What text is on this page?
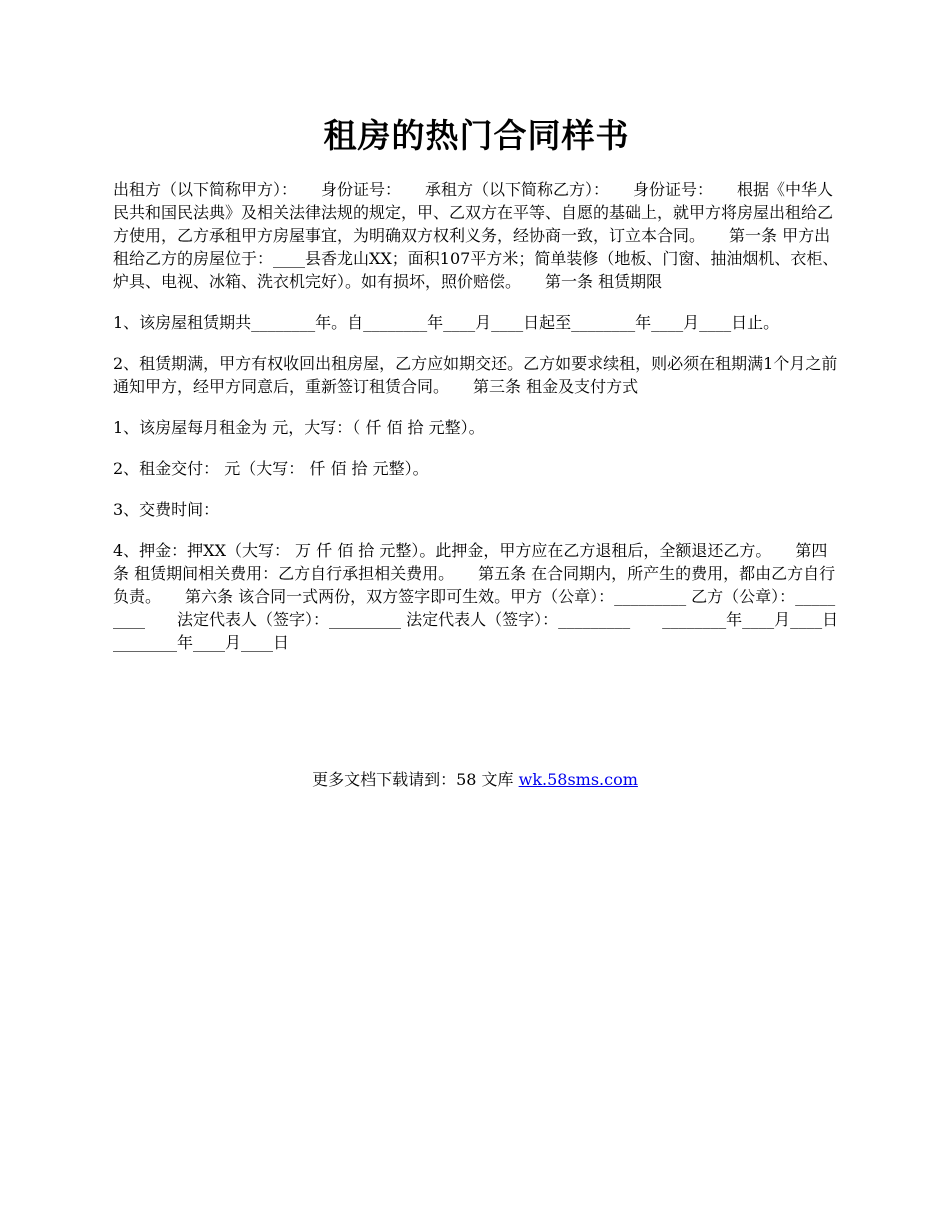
租房的热门合同样书

出租方（以下简称甲方）：　　身份证号：　　承租方（以下简称乙方）：　　身份证号：　　根据《中华人民共和国民法典》及相关法律法规的规定，甲、乙双方在平等、自愿的基础上，就甲方将房屋出租给乙方使用，乙方承租甲方房屋事宜，为明确双方权利义务，经协商一致，订立本合同。　　第一条 甲方出租给乙方的房屋位于：____县香龙山XX；面积107平方米；简单装修（地板、门窗、抽油烟机、衣柜、炉具、电视、冰箱、洗衣机完好）。如有损坏，照价赔偿。　　第一条 租赁期限

1、该房屋租赁期共________年。自________年____月____日起至________年____月____日止。

2、租赁期满，甲方有权收回出租房屋，乙方应如期交还。乙方如要求续租，则必须在租期满1个月之前通知甲方，经甲方同意后，重新签订租赁合同。　　第三条 租金及支付方式

1、该房屋每月租金为 元，大写：（ 仟 佰 拾 元整）。

2、租金交付： 元（大写： 仟 佰 拾 元整）。

3、交费时间：

4、押金：押XX（大写： 万 仟 佰 拾 元整）。此押金，甲方应在乙方退租后，全额退还乙方。　　第四条 租赁期间相关费用：乙方自行承担相关费用。　　第五条 在合同期内，所产生的费用，都由乙方自行负责。　　第六条 该合同一式两份，双方签字即可生效。甲方（公章）：_________ 乙方（公章）：_________　　法定代表人（签字）：_________ 法定代表人（签字）：_________　　________年____月____日 ________年____月____日

更多文档下载请到：58 文库 wk.58sms.com
